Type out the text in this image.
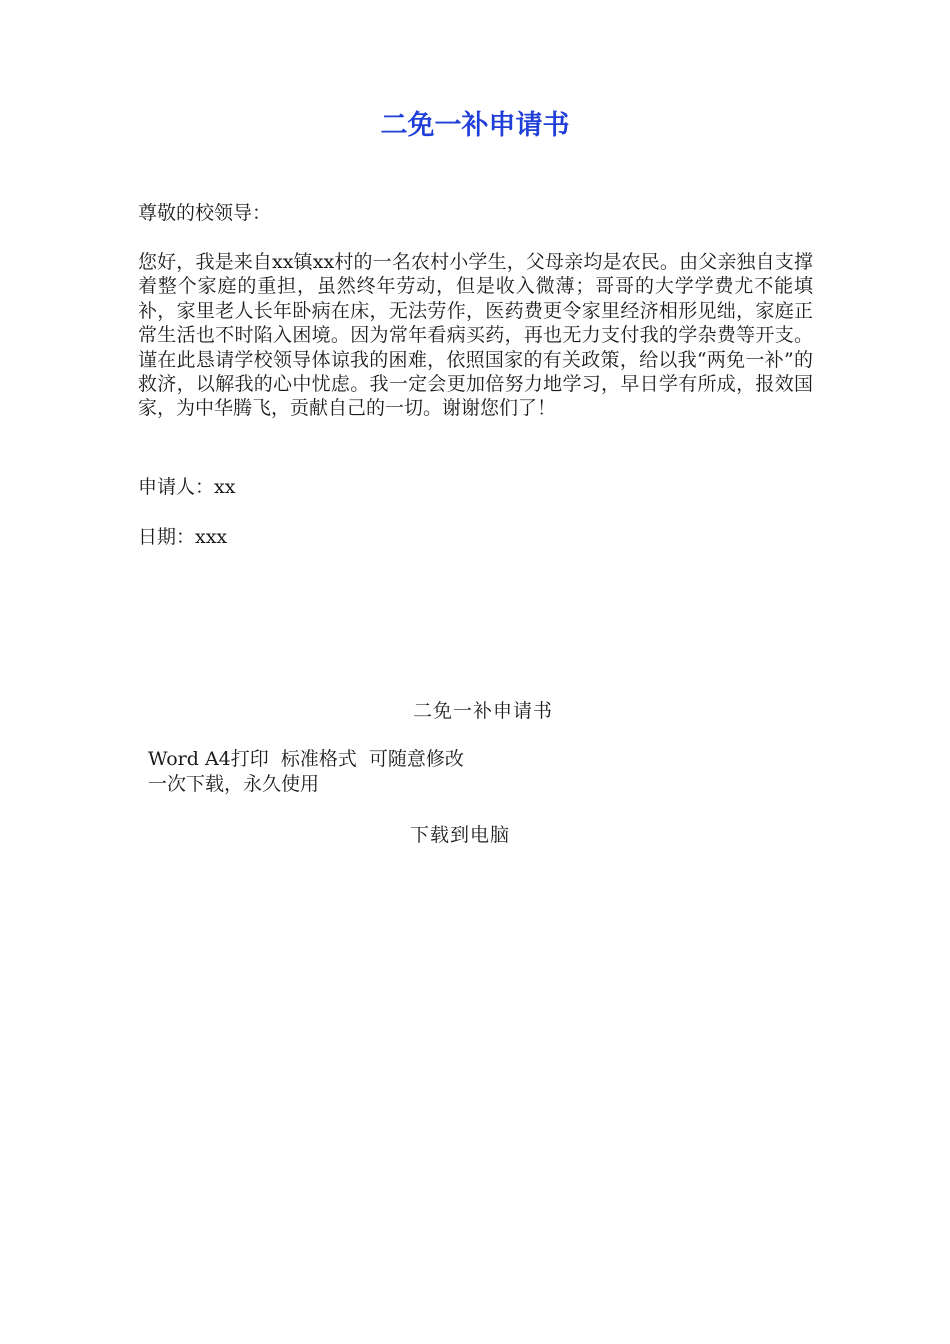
二免一补申请书
尊敬的校领导：
您好，我是来自xx镇xx村的一名农村小学生，父母亲均是农民。由父亲独自支撑着整个家庭的重担，虽然终年劳动，但是收入微薄；哥哥的大学学费尤不能填补，家里老人长年卧病在床，无法劳作，医药费更令家里经济相形见绌，家庭正常生活也不时陷入困境。因为常年看病买药，再也无力支付我的学杂费等开支。谨在此恳请学校领导体谅我的困难，依照国家的有关政策，给以我“两免一补”的救济，以解我的心中忧虑。我一定会更加倍努力地学习，早日学有所成，报效国家，为中华腾飞，贡献自己的一切。谢谢您们了！
申请人：xx
日期：xxx
二免一补申请书
Word A4打印  标准格式  可随意修改
一次下载，永久使用
下载到电脑
